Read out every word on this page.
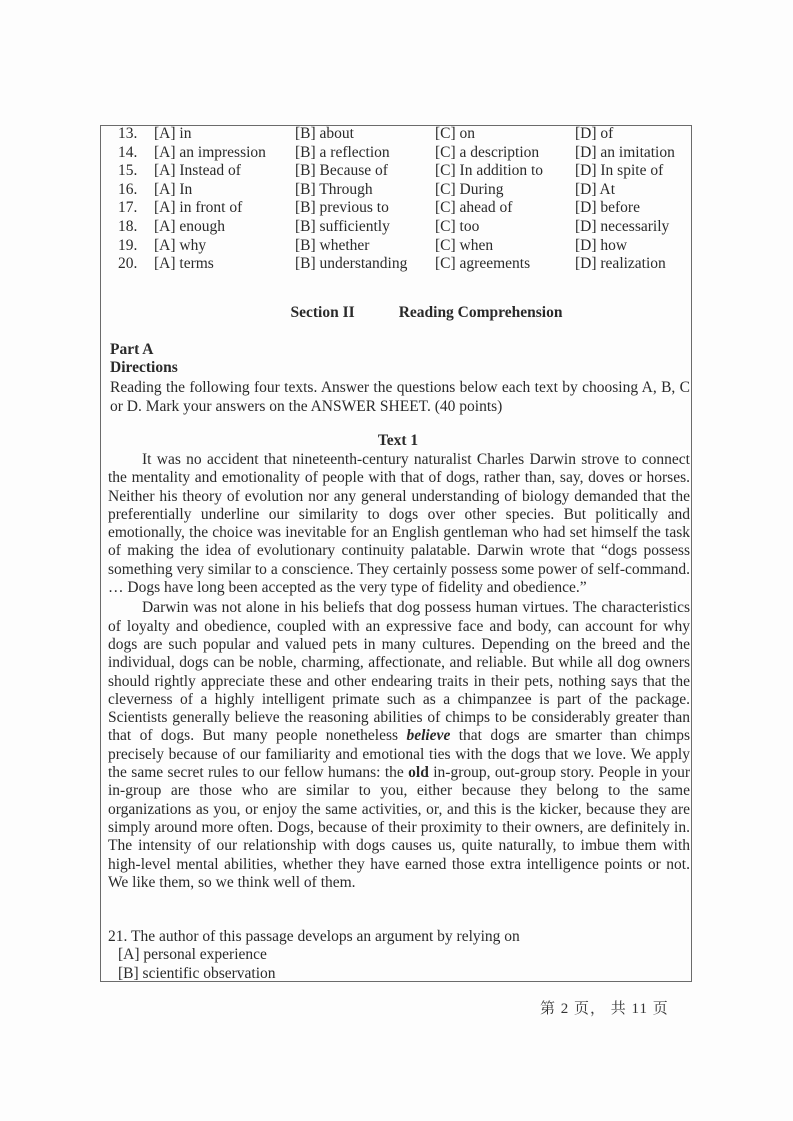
13.	[A] in	[B] about	[C] on	[D] of
14.	[A] an impression	[B] a reflection	[C] a description	[D] an imitation
15.	[A] Instead of	[B] Because of	[C] In addition to	[D] In spite of
16.	[A] In	[B] Through	[C] During	[D] At
17.	[A] in front of	[B] previous to	[C] ahead of	[D] before
18.	[A] enough	[B] sufficiently	[C] too	[D] necessarily
19.	[A] why	[B] whether	[C] when	[D] how
20.	[A] terms	[B] understanding	[C] agreements	[D] realization
Section II	Reading Comprehension
Part A
Directions
Reading the following four texts. Answer the questions below each text by choosing A, B, C or D. Mark your answers on the ANSWER SHEET. (40 points)
Text 1

It was no accident that nineteenth-century naturalist Charles Darwin strove to connect the mentality and emotionality of people with that of dogs, rather than, say, doves or horses. Neither his theory of evolution nor any general understanding of biology demanded that the preferentially underline our similarity to dogs over other species. But politically and emotionally, the choice was inevitable for an English gentleman who had set himself the task of making the idea of evolutionary continuity palatable. Darwin wrote that “dogs possess something very similar to a conscience. They certainly possess some power of self-command. … Dogs have long been accepted as the very type of fidelity and obedience.”

Darwin was not alone in his beliefs that dog possess human virtues. The characteristics of loyalty and obedience, coupled with an expressive face and body, can account for why dogs are such popular and valued pets in many cultures. Depending on the breed and the individual, dogs can be noble, charming, affectionate, and reliable. But while all dog owners should rightly appreciate these and other endearing traits in their pets, nothing says that the cleverness of a highly intelligent primate such as a chimpanzee is part of the package. Scientists generally believe the reasoning abilities of chimps to be considerably greater than that of dogs. But many people nonetheless believe that dogs are smarter than chimps precisely because of our familiarity and emotional ties with the dogs that we love. We apply the same secret rules to our fellow humans: the old in-group, out-group story. People in your in-group are those who are similar to you, either because they belong to the same organizations as you, or enjoy the same activities, or, and this is the kicker, because they are simply around more often. Dogs, because of their proximity to their owners, are definitely in. The intensity of our relationship with dogs causes us, quite naturally, to imbue them with high-level mental abilities, whether they have earned those extra intelligence points or not. We like them, so we think well of them.

21. The author of this passage develops an argument by relying on
[A] personal experience
[B] scientific observation
第 2 页， 共 11 页
